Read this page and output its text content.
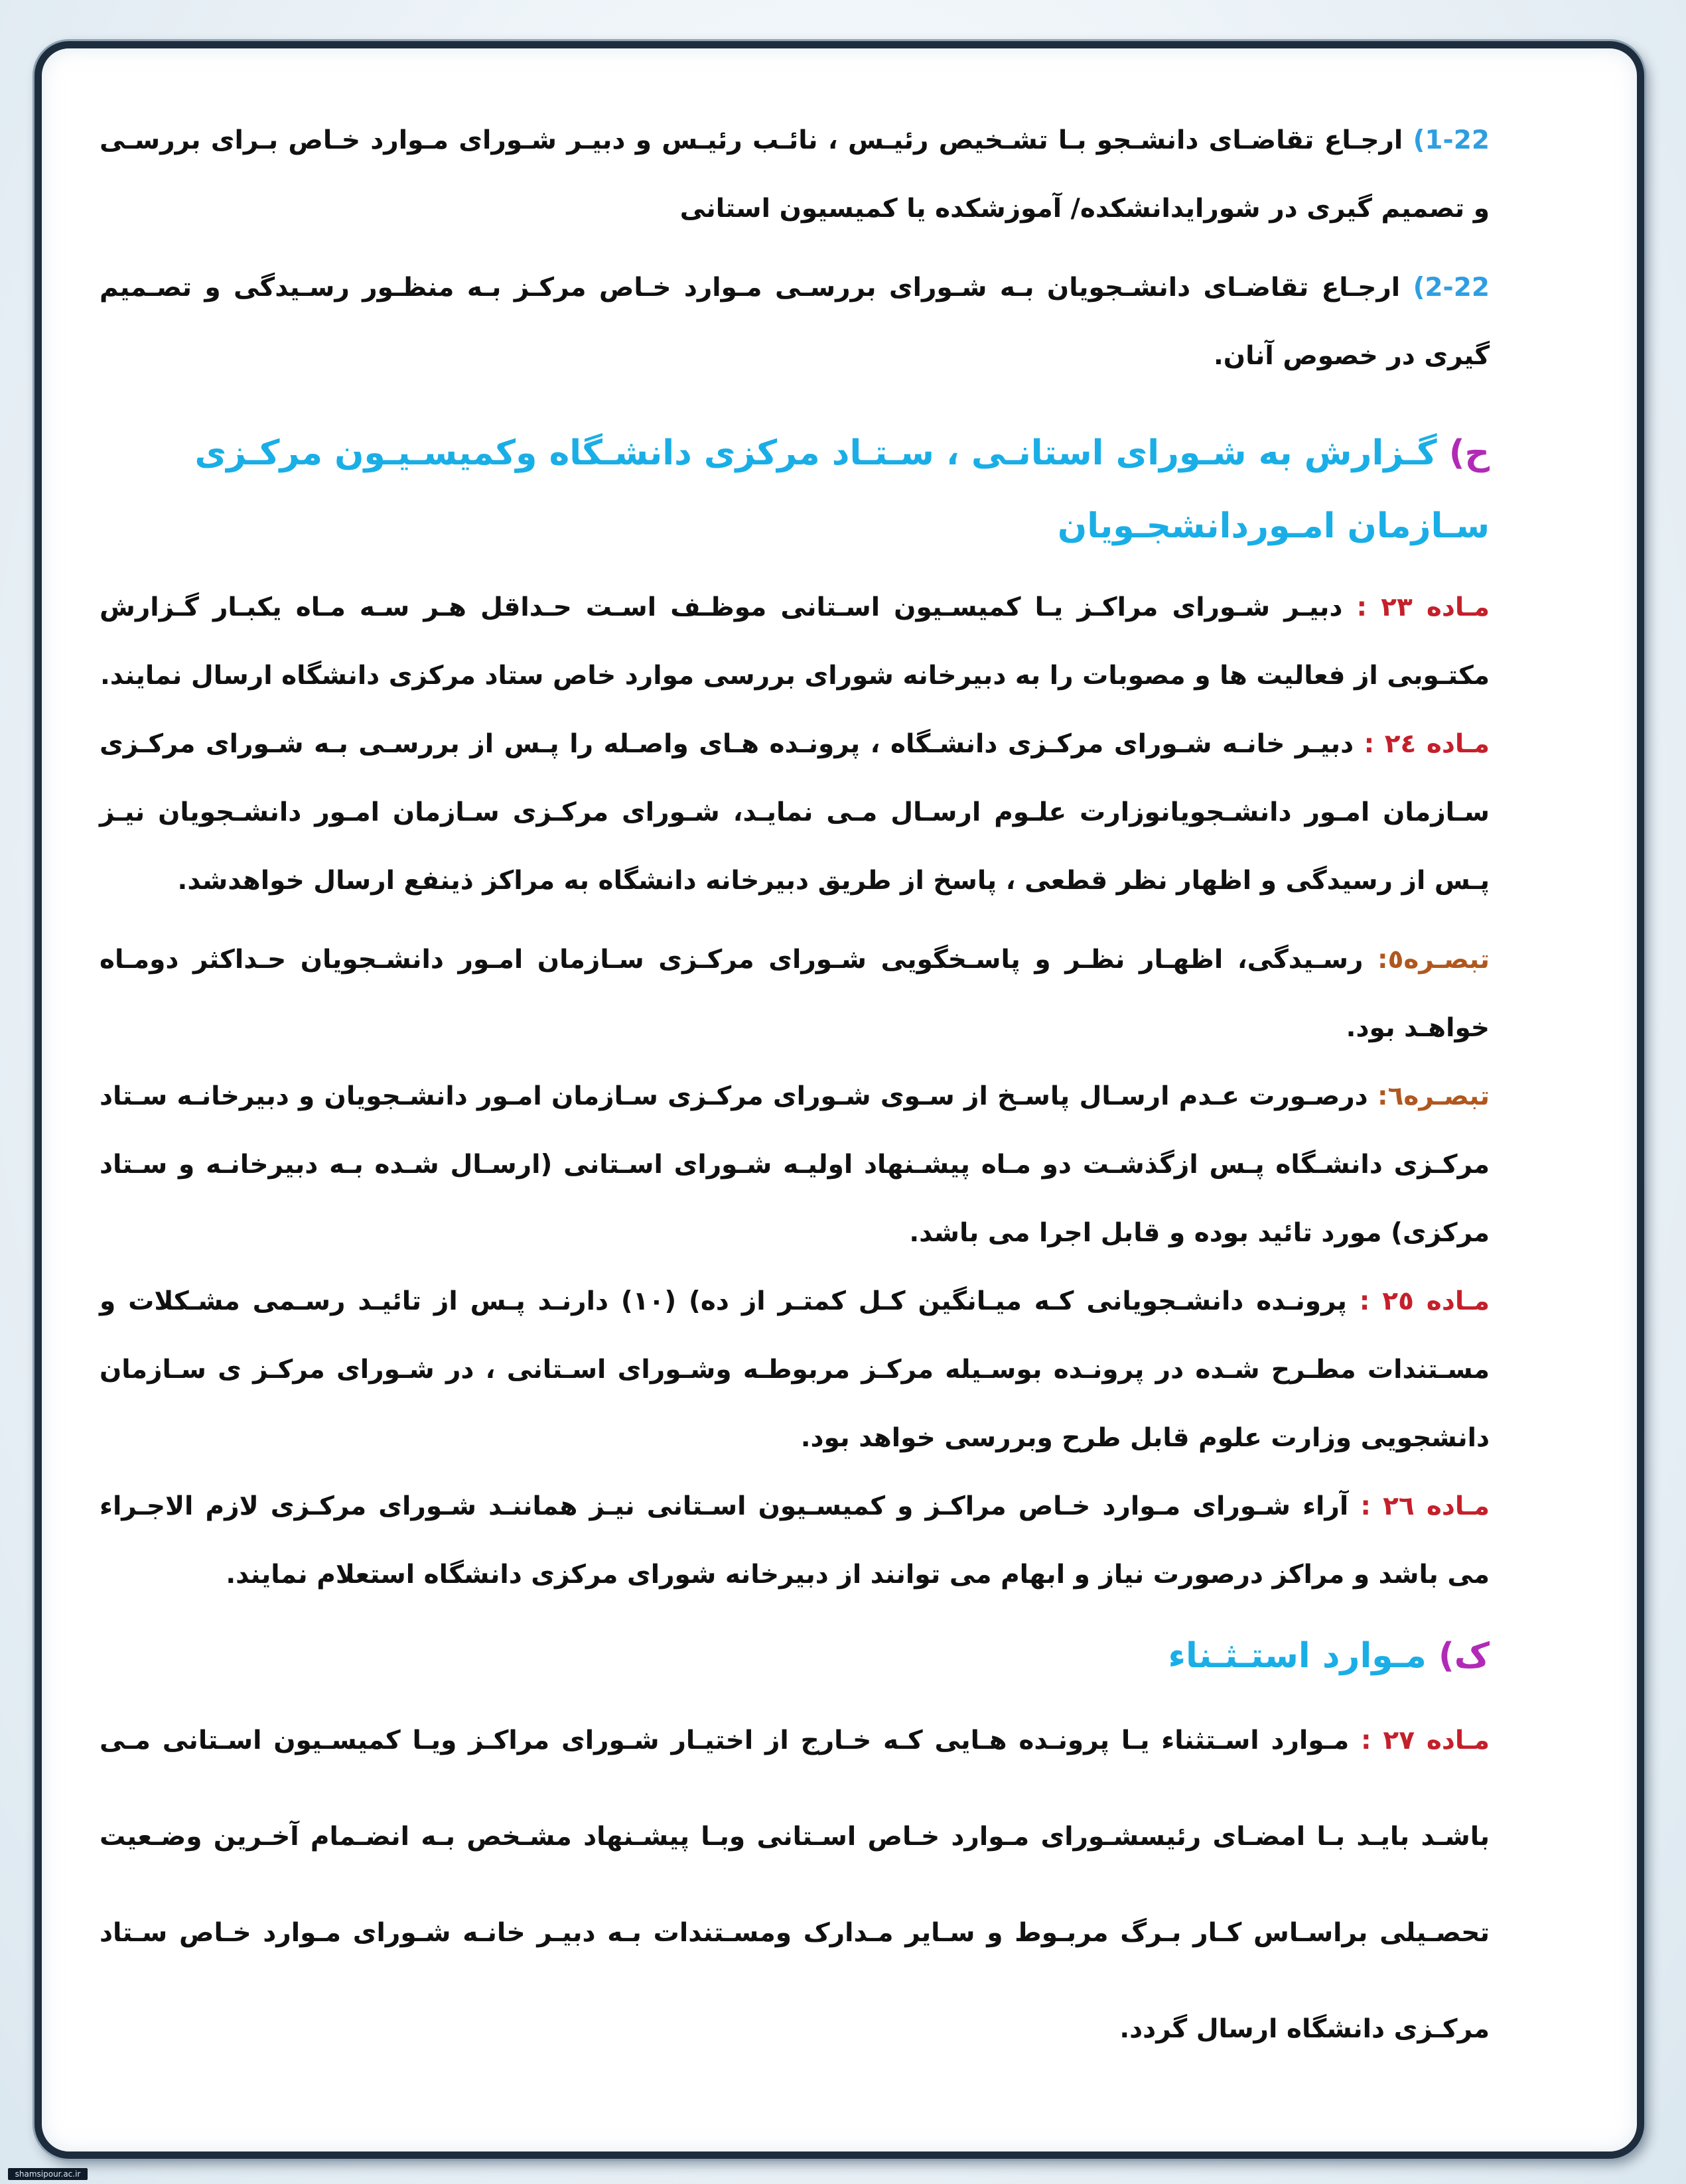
1-22) ارجـاع تقاضـای دانشـجو بـا تشـخیص رئیـس ، نائـب رئیـس و دبیـر شـورای مـوارد خـاص بـرای بررسـی و تصمیم گیری در شورایدانشکده/ آموزشکده یا کمیسیون استانی

2-22) ارجـاع تقاضـای دانشـجویان بـه شـورای بررسـی مـوارد خـاص مرکـز بـه منظـور رسـیدگی و تصـمیم گیری در خصوص آنان.

ح) گـزارش به شـورای استانـی ، سـتـاد مرکزی دانشـگاه وکمیسـیـون مرکـزی سـازمان امـوردانشجـویان

مـاده ٢٣ : دبیـر شـورای مراکـز یـا کمیسـیون اسـتانی موظـف اسـت حـداقل هـر سـه مـاه یکبـار گـزارش مکتـوبی از فعالیت ها و مصوبات را به دبیرخانه شورای بررسی موارد خاص ستاد مرکزی دانشگاه ارسال نمایند.

مـاده ٢٤ : دبیـر خانـه شـورای مرکـزی دانشـگاه ، پرونـده هـای واصـله را پـس از بررسـی بـه شـورای مرکـزی سـازمان امـور دانشـجویانوزارت علـوم ارسـال مـی نمایـد، شـورای مرکـزی سـازمان امـور دانشـجویان نیـز پـس از رسیدگی و اظهار نظر قطعی ، پاسخ از طریق دبیرخانه دانشگاه به مراکز ذینفع ارسال خواهدشد.

تبصـره٥: رسـیدگی، اظهـار نظـر و پاسـخگویی شـورای مرکـزی سـازمان امـور دانشـجویان حـداکثر دومـاه خواهـد بود.

تبصـره٦: درصـورت عـدم ارسـال پاسـخ از سـوی شـورای مرکـزی سـازمان امـور دانشـجویان و دبیرخانـه سـتاد مرکـزی دانشـگاه پـس ازگذشـت دو مـاه پیشـنهاد اولیـه شـورای اسـتانی (ارسـال شـده بـه دبیرخانـه و سـتاد مرکزی) مورد تائید بوده و قابل اجرا می باشد.

مـاده ٢٥ : پرونـده دانشـجویانی کـه میـانگین کـل کمتـر از ده) (١٠) دارنـد پـس از تائیـد رسـمی مشـکلات و مسـتندات مطـرح شـده در پرونـده بوسـیله مرکـز مربوطـه وشـورای اسـتانی ، در شـورای مرکـز ی سـازمان دانشجویی وزارت علوم قابل طرح وبررسی خواهد بود.

مـاده ٢٦ : آراء شـورای مـوارد خـاص مراکـز و کمیسـیون اسـتانی نیـز هماننـد شـورای مرکـزی لازم الاجـراء می باشد و مراکز درصورت نیاز و ابهام می توانند از دبیرخانه شورای مرکزی دانشگاه استعلام نمایند.

ک) مـوارد استـثـناء

مـاده ٢٧ : مـوارد اسـتثناء یـا پرونـده هـایی کـه خـارج از اختیـار شـورای مراکـز ویـا کمیسـیون اسـتانی مـی باشـد بایـد بـا امضـای رئیسشـورای مـوارد خـاص اسـتانی وبـا پیشـنهاد مشـخص بـه انضـمام آخـرین وضـعیت تحصـیلی براسـاس کـار بـرگ مربـوط و سـایر مـدارک ومسـتندات بـه دبیـر خانـه شـورای مـوارد خـاص سـتاد مرکـزی دانشگاه ارسال گردد.

shamsipour.ac.ir
